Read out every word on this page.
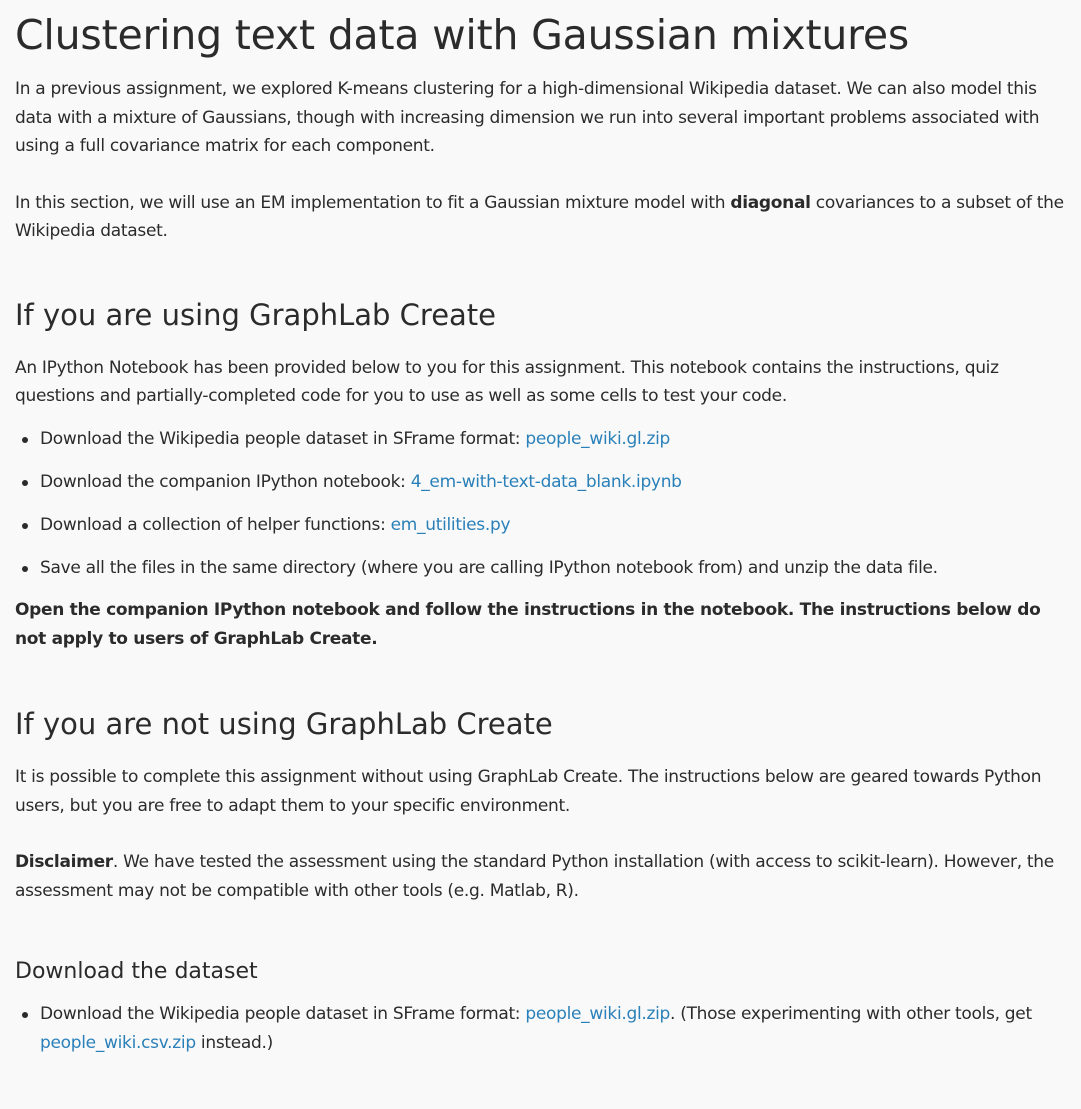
Clustering text data with Gaussian mixtures

In a previous assignment, we explored K-means clustering for a high-dimensional Wikipedia dataset. We can also model this data with a mixture of Gaussians, though with increasing dimension we run into several important problems associated with using a full covariance matrix for each component.

In this section, we will use an EM implementation to fit a Gaussian mixture model with diagonal covariances to a subset of the Wikipedia dataset.

If you are using GraphLab Create

An IPython Notebook has been provided below to you for this assignment. This notebook contains the instructions, quiz questions and partially-completed code for you to use as well as some cells to test your code.

Download the Wikipedia people dataset in SFrame format: people_wiki.gl.zip
Download the companion IPython notebook: 4_em-with-text-data_blank.ipynb
Download a collection of helper functions: em_utilities.py
Save all the files in the same directory (where you are calling IPython notebook from) and unzip the data file.

Open the companion IPython notebook and follow the instructions in the notebook. The instructions below do not apply to users of GraphLab Create.

If you are not using GraphLab Create

It is possible to complete this assignment without using GraphLab Create. The instructions below are geared towards Python users, but you are free to adapt them to your specific environment.

Disclaimer. We have tested the assessment using the standard Python installation (with access to scikit-learn). However, the assessment may not be compatible with other tools (e.g. Matlab, R).

Download the dataset
Download the Wikipedia people dataset in SFrame format: people_wiki.gl.zip. (Those experimenting with other tools, get people_wiki.csv.zip instead.)
